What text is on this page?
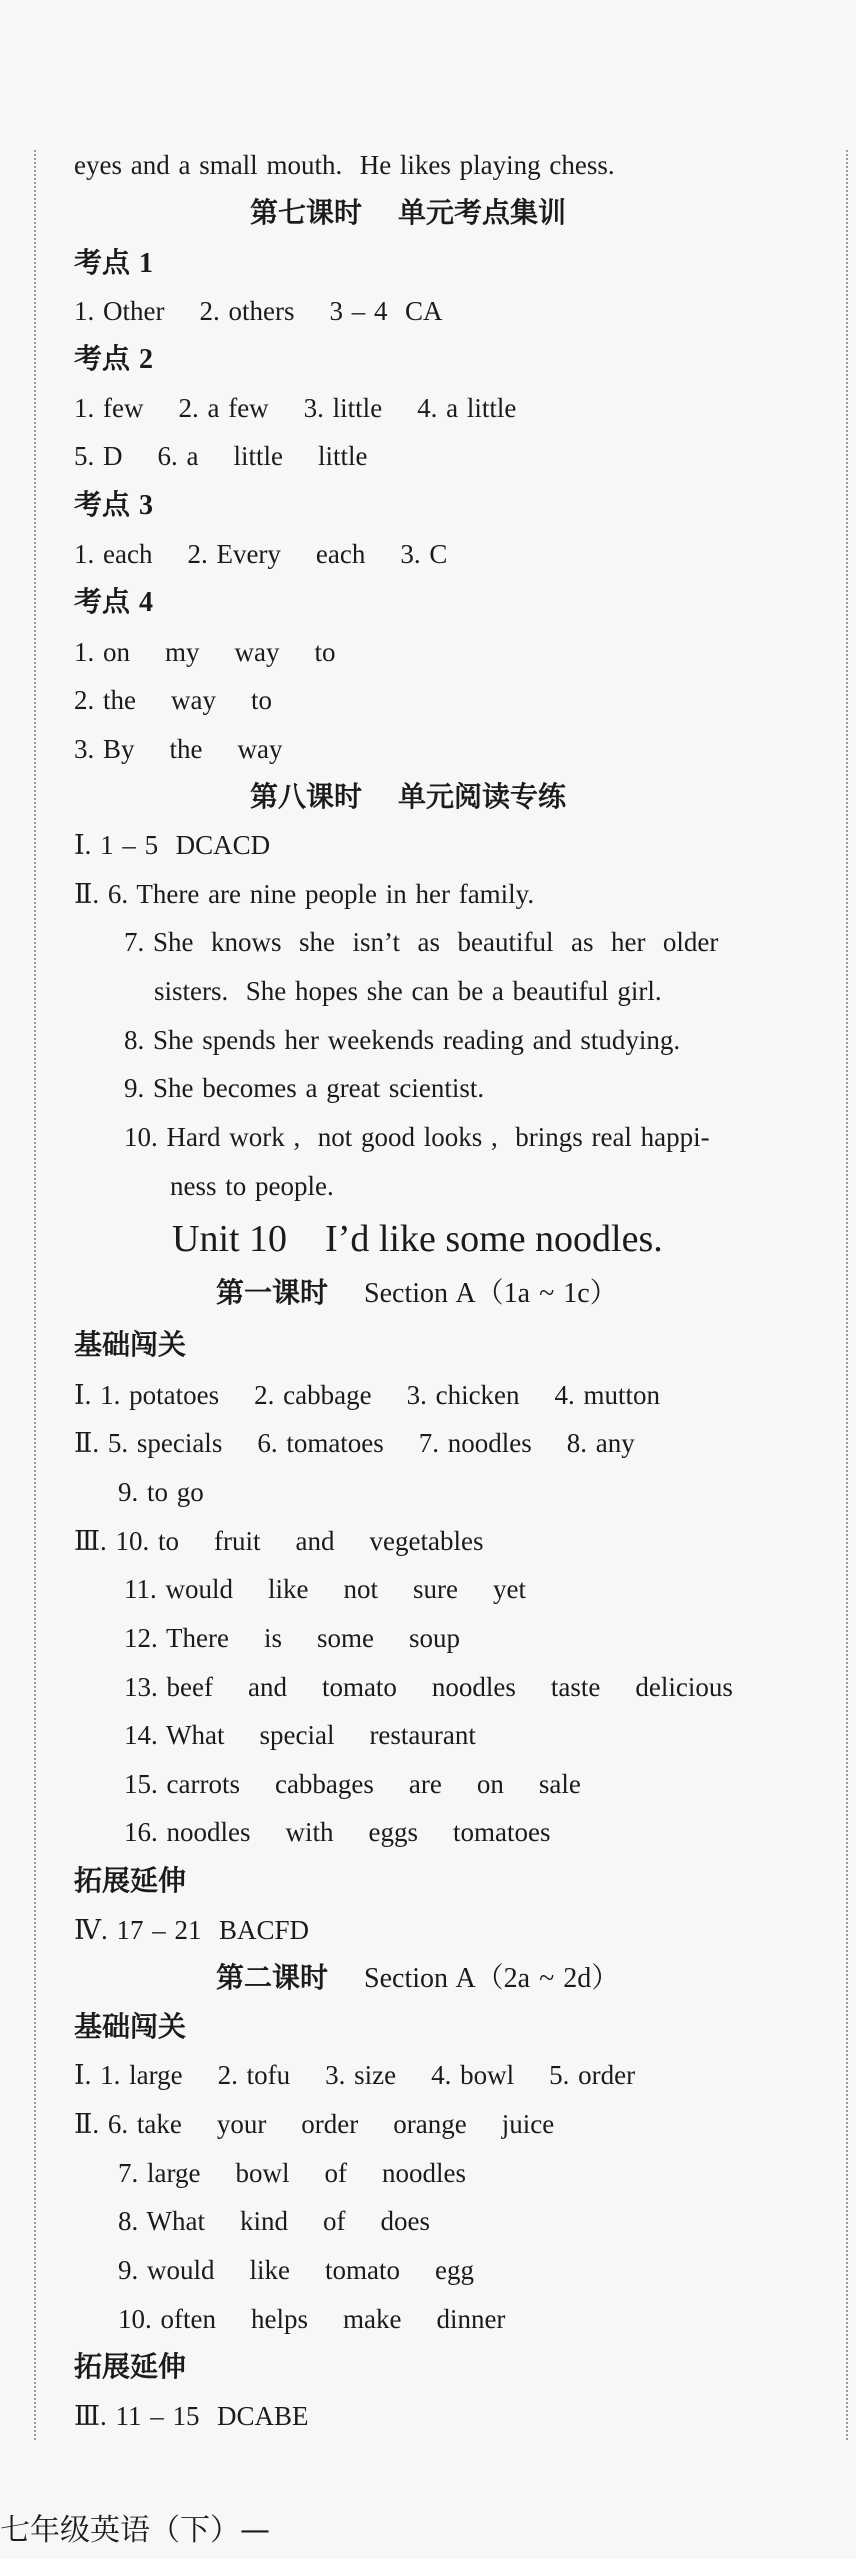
eyes and a small mouth.  He likes playing chess.
第七课时    单元考点集训
考点 1
1. Other    2. others    3 – 4  CA
考点 2
1. few    2. a few    3. little    4. a little
5. D    6. a    little    little
考点 3
1. each    2. Every    each    3. C
考点 4
1. on    my    way    to
2. the    way    to
3. By    the    way
第八课时    单元阅读专练
Ⅰ. 1 – 5  DCACD
Ⅱ. 6. There are nine people in her family.
7. She  knows  she  isn’t  as  beautiful  as  her  older
sisters.  She hopes she can be a beautiful girl.
8. She spends her weekends reading and studying.
9. She becomes a great scientist.
10. Hard work ,  not good looks ,  brings real happi-
ness to people.
Unit 10    I’d like some noodles.
第一课时 Section A（1a ~ 1c）
基础闯关
Ⅰ. 1. potatoes    2. cabbage    3. chicken    4. mutton
Ⅱ. 5. specials    6. tomatoes    7. noodles    8. any
9. to go
Ⅲ. 10. to    fruit    and    vegetables
11. would    like    not    sure    yet
12. There    is    some    soup
13. beef    and    tomato    noodles    taste    delicious
14. What    special    restaurant
15. carrots    cabbages    are    on    sale
16. noodles    with    eggs    tomatoes
拓展延伸
Ⅳ. 17 – 21  BACFD
第二课时 Section A（2a ~ 2d）
基础闯关
Ⅰ. 1. large    2. tofu    3. size    4. bowl    5. order
Ⅱ. 6. take    your    order    orange    juice
7. large    bowl    of    noodles
8. What    kind    of    does
9. would    like    tomato    egg
10. often    helps    make    dinner
拓展延伸
Ⅲ. 11 – 15  DCABE
七年级英语（下）—
